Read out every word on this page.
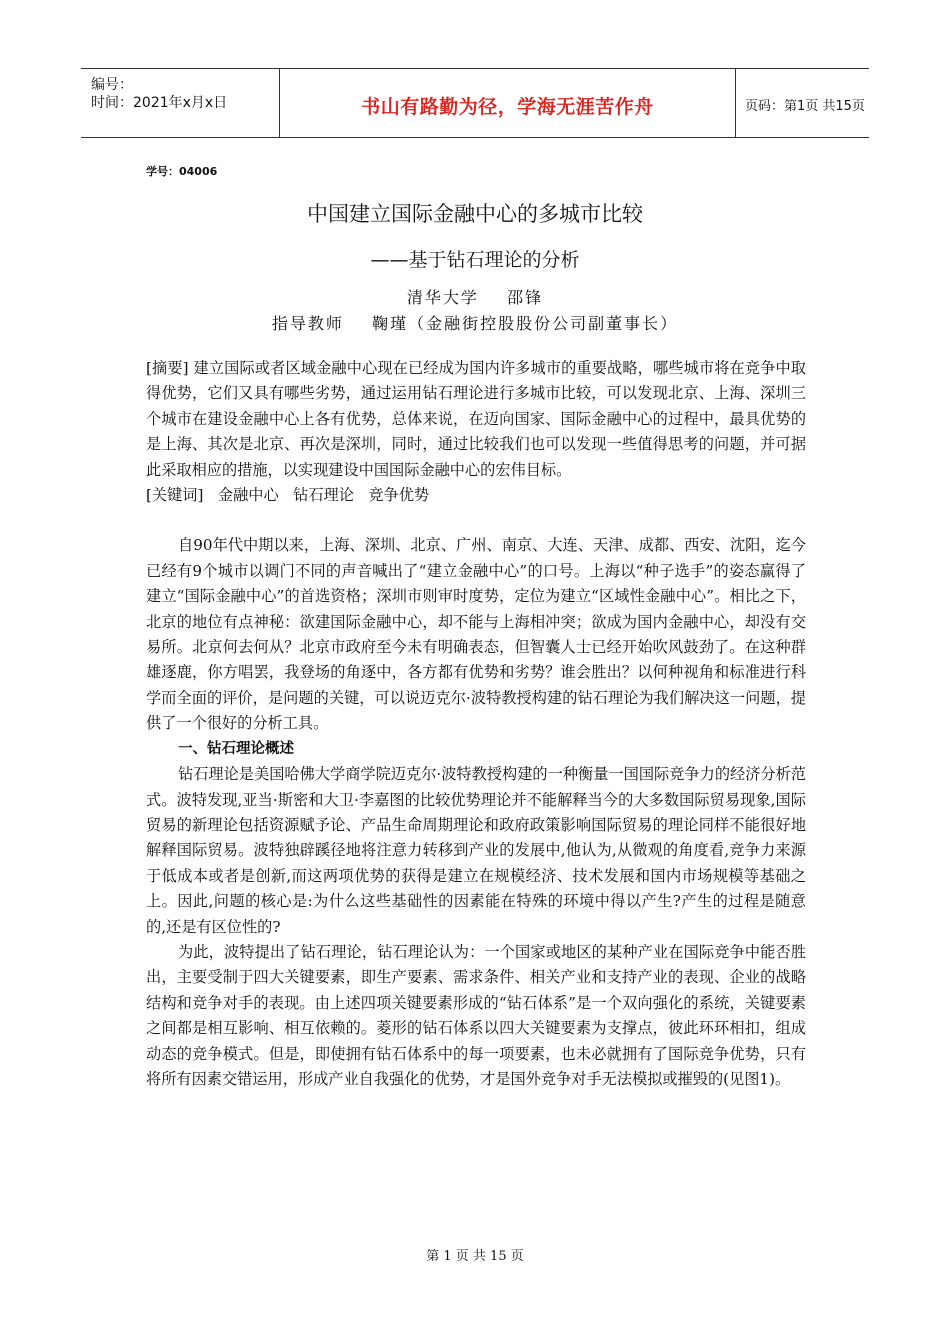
编号：
时间：2021年x月x日	书山有路勤为径，学海无涯苦作舟	页码：第1页 共15页
学号：04006
中国建立国际金融中心的多城市比较
——基于钻石理论的分析
清华大学    邵锋
指导教师    鞠瑾（金融街控股股份公司副董事长）

[摘要] 建立国际或者区域金融中心现在已经成为国内许多城市的重要战略，哪些城市将在竞争中取得优势，它们又具有哪些劣势，通过运用钻石理论进行多城市比较，可以发现北京、上海、深圳三个城市在建设金融中心上各有优势，总体来说，在迈向国家、国际金融中心的过程中，最具优势的是上海、其次是北京、再次是深圳，同时，通过比较我们也可以发现一些值得思考的问题，并可据此采取相应的措施，以实现建设中国国际金融中心的宏伟目标。

[关键词]   金融中心   钻石理论   竞争优势

自90年代中期以来，上海、深圳、北京、广州、南京、大连、天津、成都、西安、沈阳，迄今已经有9个城市以调门不同的声音喊出了“建立金融中心”的口号。上海以“种子选手”的姿态赢得了建立“国际金融中心”的首选资格；深圳市则审时度势，定位为建立“区域性金融中心”。相比之下，北京的地位有点神秘：欲建国际金融中心，却不能与上海相冲突；欲成为国内金融中心，却没有交易所。北京何去何从？北京市政府至今未有明确表态，但智囊人士已经开始吹风鼓劲了。在这种群雄逐鹿，你方唱罢，我登场的角逐中，各方都有优势和劣势？谁会胜出？以何种视角和标准进行科学而全面的评价，是问题的关键，可以说迈克尔·波特教授构建的钻石理论为我们解决这一问题，提供了一个很好的分析工具。

一、钻石理论概述

钻石理论是美国哈佛大学商学院迈克尔·波特教授构建的一种衡量一国国际竞争力的经济分析范式。波特发现,亚当·斯密和大卫·李嘉图的比较优势理论并不能解释当今的大多数国际贸易现象,国际贸易的新理论包括资源赋予论、产品生命周期理论和政府政策影响国际贸易的理论同样不能很好地解释国际贸易。波特独辟蹊径地将注意力转移到产业的发展中,他认为,从微观的角度看,竞争力来源于低成本或者是创新,而这两项优势的获得是建立在规模经济、技术发展和国内市场规模等基础之上。因此,问题的核心是:为什么这些基础性的因素能在特殊的环境中得以产生?产生的过程是随意的,还是有区位性的?

为此，波特提出了钻石理论，钻石理论认为：一个国家或地区的某种产业在国际竞争中能否胜出，主要受制于四大关键要素，即生产要素、需求条件、相关产业和支持产业的表现、企业的战略结构和竞争对手的表现。由上述四项关键要素形成的“钻石体系”是一个双向强化的系统，关键要素之间都是相互影响、相互依赖的。菱形的钻石体系以四大关键要素为支撑点，彼此环环相扣，组成动态的竞争模式。但是，即使拥有钻石体系中的每一项要素，也未必就拥有了国际竞争优势，只有将所有因素交错运用，形成产业自我强化的优势，才是国外竞争对手无法模拟或摧毁的(见图1)。

第 1 页 共 15 页
